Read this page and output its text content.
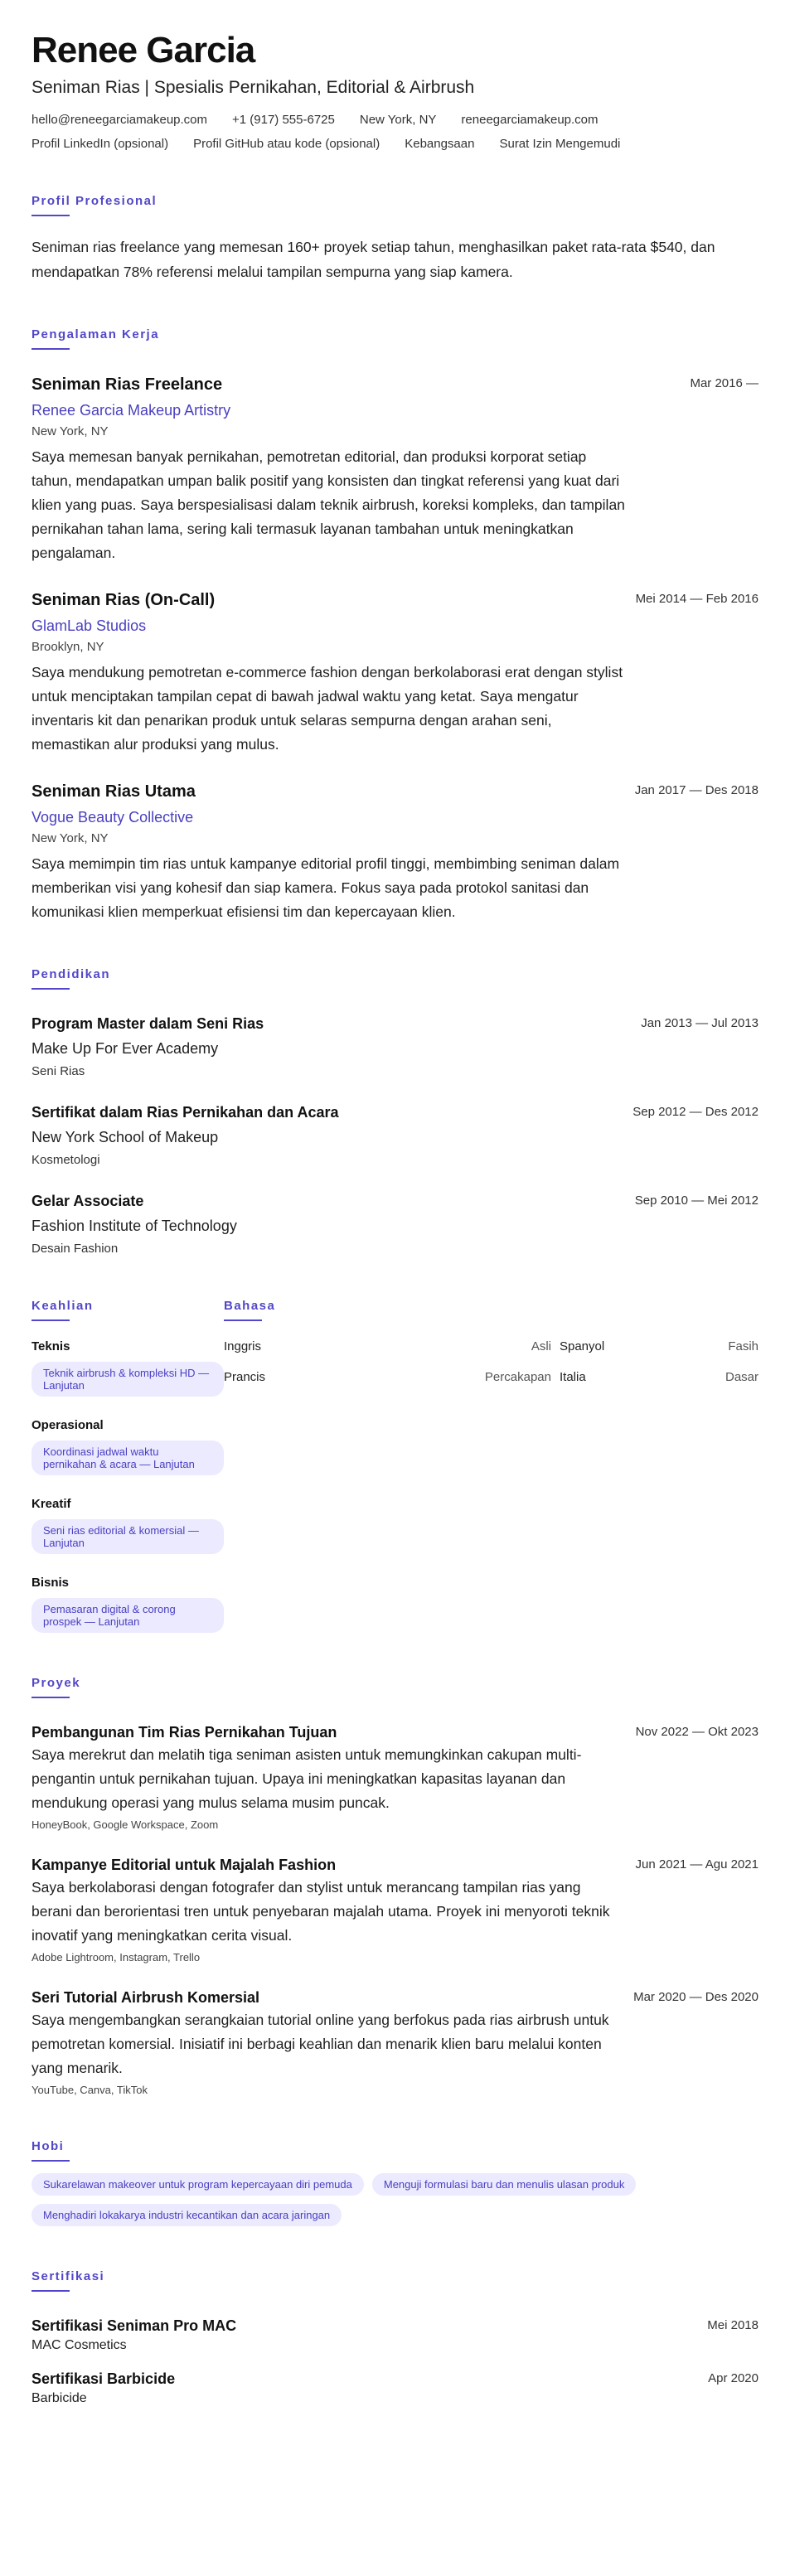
Renee Garcia
Seniman Rias | Spesialis Pernikahan, Editorial & Airbrush
hello@reneegarciamakeup.com +1 (917) 555-6725 New York, NY reneegarciamakeup.com
Profil LinkedIn (opsional) Profil GitHub atau kode (opsional) Kebangsaan Surat Izin Mengemudi
Profil Profesional

Seniman rias freelance yang memesan 160+ proyek setiap tahun, menghasilkan paket rata-rata $540, dan mendapatkan 78% referensi melalui tampilan sempurna yang siap kamera.

Pengalaman Kerja
Seniman Rias Freelance
Renee Garcia Makeup Artistry
New York, NY
Saya memesan banyak pernikahan, pemotretan editorial, dan produksi korporat setiap tahun, mendapatkan umpan balik positif yang konsisten dan tingkat referensi yang kuat dari klien yang puas. Saya berspesialisasi dalam teknik airbrush, koreksi kompleks, dan tampilan pernikahan tahan lama, sering kali termasuk layanan tambahan untuk meningkatkan pengalaman.
Mar 2016 —
Seniman Rias (On-Call)
GlamLab Studios
Brooklyn, NY
Saya mendukung pemotretan e-commerce fashion dengan berkolaborasi erat dengan stylist untuk menciptakan tampilan cepat di bawah jadwal waktu yang ketat. Saya mengatur inventaris kit dan penarikan produk untuk selaras sempurna dengan arahan seni, memastikan alur produksi yang mulus.
Mei 2014 — Feb 2016
Seniman Rias Utama
Vogue Beauty Collective
New York, NY
Saya memimpin tim rias untuk kampanye editorial profil tinggi, membimbing seniman dalam memberikan visi yang kohesif dan siap kamera. Fokus saya pada protokol sanitasi dan komunikasi klien memperkuat efisiensi tim dan kepercayaan klien.
Jan 2017 — Des 2018
Pendidikan
Program Master dalam Seni Rias
Make Up For Ever Academy
Seni Rias
Jan 2013 — Jul 2013
Sertifikat dalam Rias Pernikahan dan Acara
New York School of Makeup
Kosmetologi
Sep 2012 — Des 2012
Gelar Associate
Fashion Institute of Technology
Desain Fashion
Sep 2010 — Mei 2012
Keahlian
Teknis
Teknik airbrush & kompleksi HD — Lanjutan
Operasional
Koordinasi jadwal waktu pernikahan & acara — Lanjutan
Kreatif
Seni rias editorial & komersial — Lanjutan
Bisnis
Pemasaran digital & corong prospek — Lanjutan
Bahasa
Inggris	Asli Spanyol	Fasih
Prancis	Percakapan Italia	Dasar
Proyek
Pembangunan Tim Rias Pernikahan Tujuan
Saya merekrut dan melatih tiga seniman asisten untuk memungkinkan cakupan multi-pengantin untuk pernikahan tujuan. Upaya ini meningkatkan kapasitas layanan dan mendukung operasi yang mulus selama musim puncak.
HoneyBook, Google Workspace, Zoom
Nov 2022 — Okt 2023
Kampanye Editorial untuk Majalah Fashion
Saya berkolaborasi dengan fotografer dan stylist untuk merancang tampilan rias yang berani dan berorientasi tren untuk penyebaran majalah utama. Proyek ini menyoroti teknik inovatif yang meningkatkan cerita visual.
Adobe Lightroom, Instagram, Trello
Jun 2021 — Agu 2021
Seri Tutorial Airbrush Komersial
Saya mengembangkan serangkaian tutorial online yang berfokus pada rias airbrush untuk pemotretan komersial. Inisiatif ini berbagi keahlian dan menarik klien baru melalui konten yang menarik.
YouTube, Canva, TikTok
Mar 2020 — Des 2020
Hobi
Sukarelawan makeover untuk program kepercayaan diri pemuda	Menguji formulasi baru dan menulis ulasan produk
Menghadiri lokakarya industri kecantikan dan acara jaringan
Sertifikasi
Sertifikasi Seniman Pro MAC
MAC Cosmetics
Mei 2018
Sertifikasi Barbicide
Barbicide
Apr 2020
